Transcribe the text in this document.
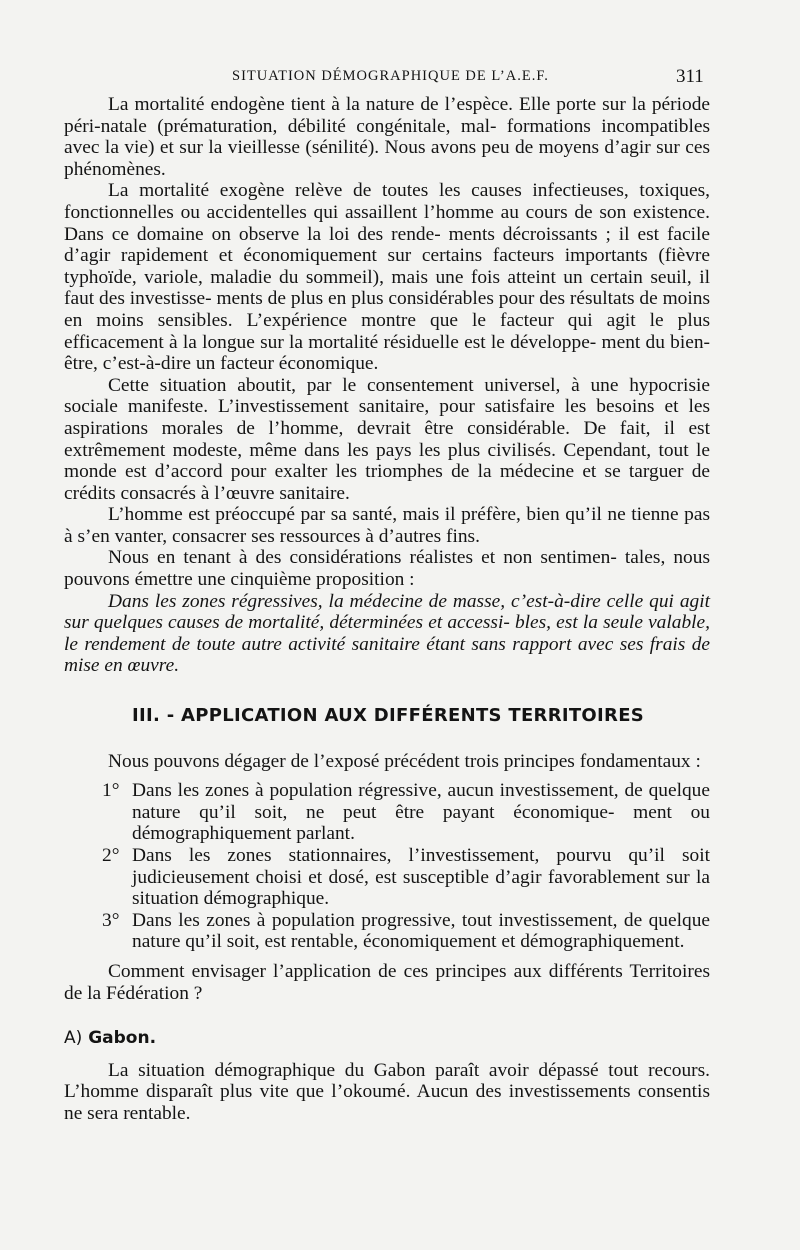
SITUATION DÉMOGRAPHIQUE DE L’A.E.F.	311

La mortalité endogène tient à la nature de l’espèce. Elle porte sur la période péri-natale (prématuration, débilité congénitale, mal- formations incompatibles avec la vie) et sur la vieillesse (sénilité). Nous avons peu de moyens d’agir sur ces phénomènes.

La mortalité exogène relève de toutes les causes infectieuses, toxiques, fonctionnelles ou accidentelles qui assaillent l’homme au cours de son existence. Dans ce domaine on observe la loi des rende- ments décroissants ; il est facile d’agir rapidement et économiquement sur certains facteurs importants (fièvre typhoïde, variole, maladie du sommeil), mais une fois atteint un certain seuil, il faut des investisse- ments de plus en plus considérables pour des résultats de moins en moins sensibles. L’expérience montre que le facteur qui agit le plus efficacement à la longue sur la mortalité résiduelle est le développe- ment du bien-être, c’est-à-dire un facteur économique.

Cette situation aboutit, par le consentement universel, à une hypocrisie sociale manifeste. L’investissement sanitaire, pour satisfaire les besoins et les aspirations morales de l’homme, devrait être considérable. De fait, il est extrêmement modeste, même dans les pays les plus civilisés. Cependant, tout le monde est d’accord pour exalter les triomphes de la médecine et se targuer de crédits consacrés à l’œuvre sanitaire.

L’homme est préoccupé par sa santé, mais il préfère, bien qu’il ne tienne pas à s’en vanter, consacrer ses ressources à d’autres fins.

Nous en tenant à des considérations réalistes et non sentimen- tales, nous pouvons émettre une cinquième proposition :

Dans les zones régressives, la médecine de masse, c’est-à-dire celle qui agit sur quelques causes de mortalité, déterminées et accessi- bles, est la seule valable, le rendement de toute autre activité sanitaire étant sans rapport avec ses frais de mise en œuvre.

III. - APPLICATION AUX DIFFÉRENTS TERRITOIRES

Nous pouvons dégager de l’exposé précédent trois principes fondamentaux :

1° Dans les zones à population régressive, aucun investissement, de quelque nature qu’il soit, ne peut être payant économique- ment ou démographiquement parlant.
2° Dans les zones stationnaires, l’investissement, pourvu qu’il soit judicieusement choisi et dosé, est susceptible d’agir favorablement sur la situation démographique.
3° Dans les zones à population progressive, tout investissement, de quelque nature qu’il soit, est rentable, économiquement et démographiquement.

Comment envisager l’application de ces principes aux différents Territoires de la Fédération ?

A) Gabon.

La situation démographique du Gabon paraît avoir dépassé tout recours. L’homme disparaît plus vite que l’okoumé. Aucun des investissements consentis ne sera rentable.
